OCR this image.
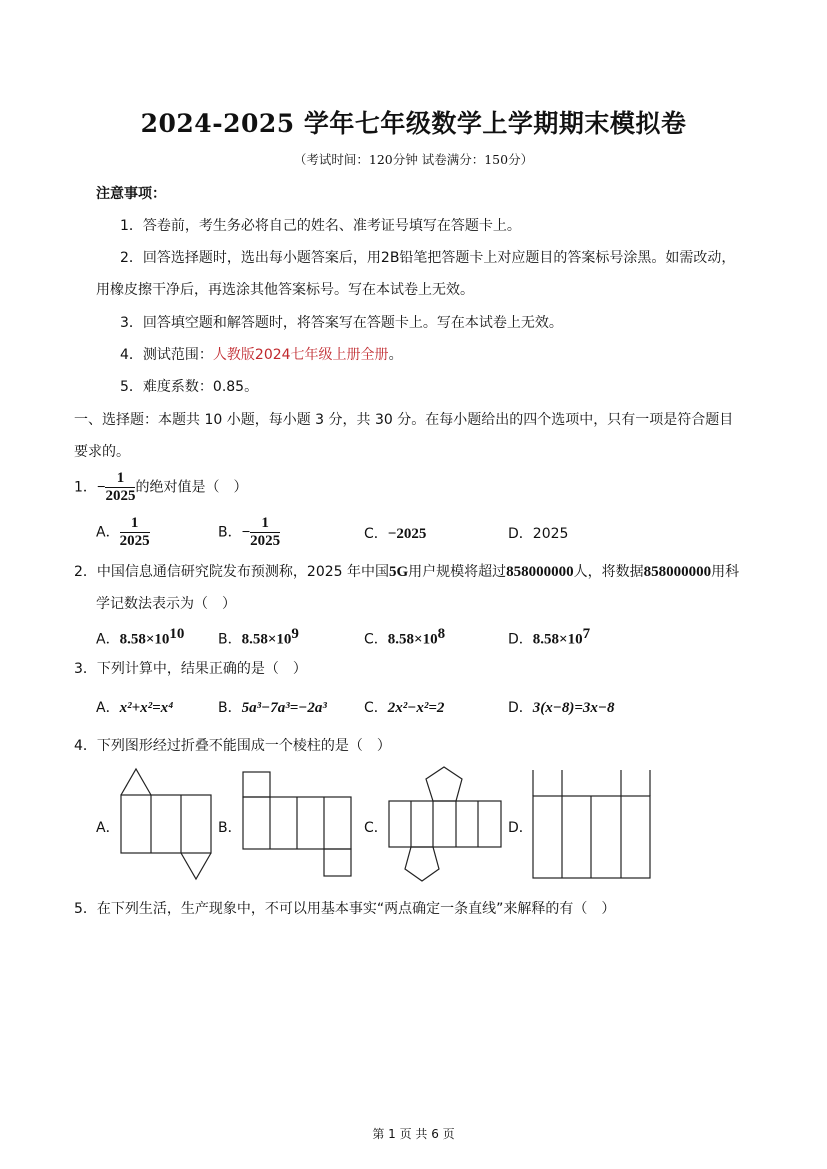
2024-2025 学年七年级数学上学期期末模拟卷
（考试时间：120分钟 试卷满分：150分）
注意事项：
1．答卷前，考生务必将自己的姓名、准考证号填写在答题卡上。
2．回答选择题时，选出每小题答案后，用2B铅笔把答题卡上对应题目的答案标号涂黑。如需改动，
用橡皮擦干净后，再选涂其他答案标号。写在本试卷上无效。
3．回答填空题和解答题时，将答案写在答题卡上。写在本试卷上无效。
4．测试范围：人教版2024七年级上册全册。
5．难度系数：0.85。
一、选择题：本题共 10 小题，每小题 3 分，共 30 分。在每小题给出的四个选项中，只有一项是符合题目
要求的。
1．− $\frac{1}{2025}$ 的绝对值是（　）
A． $\frac{1}{2025}$	B．− $\frac{1}{2025}$	C．−2025	D．2025
2．中国信息通信研究院发布预测称，2025 年中国5G用户规模将超过858000000人，将数据858000000用科
学记数法表示为（　）
A．$8.58\times 10^{10}$ B．$8.58\times 10^9$	C．$8.58\times 10^8$	D．$8.58\times 10^7$
3．下列计算中，结果正确的是（　）
A．x²+x²=x⁴	B．5a³−7a³=−2a³	C．2x²−x²=2	D．3(x−8)=3x−8
4．下列图形经过折叠不能围成一个棱柱的是（　）
A．	B．	C．	D．
5．在下列生活，生产现象中，不可以用基本事实“两点确定一条直线”来解释的有（　）
第 1 页 共 6 页
